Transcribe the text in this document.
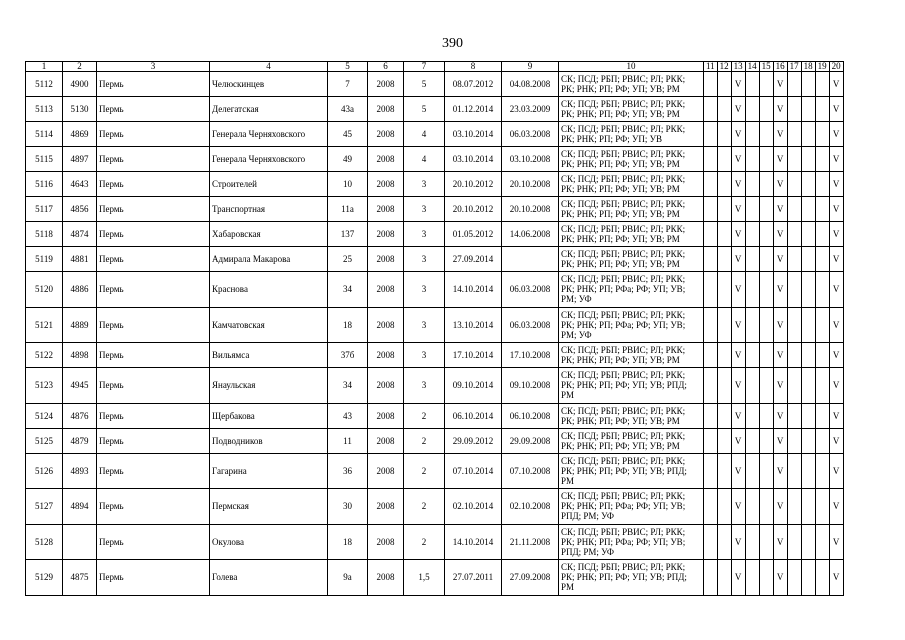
390
1	2	3	4	5	6	7	8	9	10	11	12	13	14	15	16	17	18	19	20
5112	4900	Пермь	Челюскинцев	7	2008	5	08.07.2012	04.08.2008	СК; ПСД; РБП; РВИС; РЛ; РКК;
РК; РНК; РП; РФ; УП; УВ; РМ			V			V				V
5113	5130	Пермь	Делегатская	43а	2008	5	01.12.2014	23.03.2009	СК; ПСД; РБП; РВИС; РЛ; РКК;
РК; РНК; РП; РФ; УП; УВ; РМ			V			V				V
5114	4869	Пермь	Генерала Черняховского	45	2008	4	03.10.2014	06.03.2008	СК; ПСД; РБП; РВИС; РЛ; РКК;
РК; РНК; РП; РФ; УП; УВ			V			V				V
5115	4897	Пермь	Генерала Черняховского	49	2008	4	03.10.2014	03.10.2008	СК; ПСД; РБП; РВИС; РЛ; РКК;
РК; РНК; РП; РФ; УП; УВ; РМ			V			V				V
5116	4643	Пермь	Строителей	10	2008	3	20.10.2012	20.10.2008	СК; ПСД; РБП; РВИС; РЛ; РКК;
РК; РНК; РП; РФ; УП; УВ; РМ			V			V				V
5117	4856	Пермь	Транспортная	11а	2008	3	20.10.2012	20.10.2008	СК; ПСД; РБП; РВИС; РЛ; РКК;
РК; РНК; РП; РФ; УП; УВ; РМ			V			V				V
5118	4874	Пермь	Хабаровская	137	2008	3	01.05.2012	14.06.2008	СК; ПСД; РБП; РВИС; РЛ; РКК;
РК; РНК; РП; РФ; УП; УВ; РМ			V			V				V
5119	4881	Пермь	Адмирала Макарова	25	2008	3	27.09.2014		СК; ПСД; РБП; РВИС; РЛ; РКК;
РК; РНК; РП; РФ; УП; УВ; РМ			V			V				V
5120	4886	Пермь	Краснова	34	2008	3	14.10.2014	06.03.2008	СК; ПСД; РБП; РВИС; РЛ; РКК;
РК; РНК; РП; РФа; РФ; УП; УВ;
РМ; УФ			V			V				V
5121	4889	Пермь	Камчатовская	18	2008	3	13.10.2014	06.03.2008	СК; ПСД; РБП; РВИС; РЛ; РКК;
РК; РНК; РП; РФа; РФ; УП; УВ;
РМ; УФ			V			V				V
5122	4898	Пермь	Вильямса	37б	2008	3	17.10.2014	17.10.2008	СК; ПСД; РБП; РВИС; РЛ; РКК;
РК; РНК; РП; РФ; УП; УВ; РМ			V			V				V
5123	4945	Пермь	Янаульская	34	2008	3	09.10.2014	09.10.2008	СК; ПСД; РБП; РВИС; РЛ; РКК;
РК; РНК; РП; РФ; УП; УВ; РПД;
РМ			V			V				V
5124	4876	Пермь	Щербакова	43	2008	2	06.10.2014	06.10.2008	СК; ПСД; РБП; РВИС; РЛ; РКК;
РК; РНК; РП; РФ; УП; УВ; РМ			V			V				V
5125	4879	Пермь	Подводников	11	2008	2	29.09.2012	29.09.2008	СК; ПСД; РБП; РВИС; РЛ; РКК;
РК; РНК; РП; РФ; УП; УВ; РМ			V			V				V
5126	4893	Пермь	Гагарина	36	2008	2	07.10.2014	07.10.2008	СК; ПСД; РБП; РВИС; РЛ; РКК;
РК; РНК; РП; РФ; УП; УВ; РПД;
РМ			V			V				V
5127	4894	Пермь	Пермская	30	2008	2	02.10.2014	02.10.2008	СК; ПСД; РБП; РВИС; РЛ; РКК;
РК; РНК; РП; РФа; РФ; УП; УВ;
РПД; РМ; УФ			V			V				V
5128		Пермь	Окулова	18	2008	2	14.10.2014	21.11.2008	СК; ПСД; РБП; РВИС; РЛ; РКК;
РК; РНК; РП; РФа; РФ; УП; УВ;
РПД; РМ; УФ			V			V				V
5129	4875	Пермь	Голева	9а	2008	1,5	27.07.2011	27.09.2008	СК; ПСД; РБП; РВИС; РЛ; РКК;
РК; РНК; РП; РФ; УП; УВ; РПД;
РМ			V			V				V
